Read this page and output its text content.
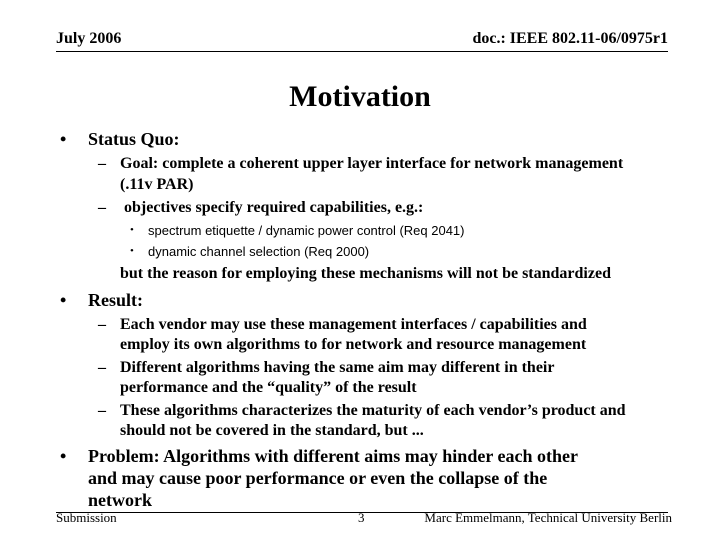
July 2006	doc.: IEEE 802.11-06/0975r1
Motivation
• Status Quo:
– Goal: complete a coherent upper layer interface for network management
(.11v PAR)
– objectives specify required capabilities, e.g.:
• spectrum etiquette / dynamic power control (Req 2041)
• dynamic channel selection (Req 2000)
but the reason for employing these mechanisms will not be standardized
• Result:
– Each vendor may use these management interfaces / capabilities and
employ its own algorithms to for network and resource management
– Different algorithms having the same aim may different in their
performance and the “quality” of the result
– These algorithms characterizes the maturity of each vendor’s product and
should not be covered in the standard, but ...
• Problem: Algorithms with different aims may hinder each other
and may cause poor performance or even the collapse of the
network
Submission	3	Marc Emmelmann, Technical University Berlin
